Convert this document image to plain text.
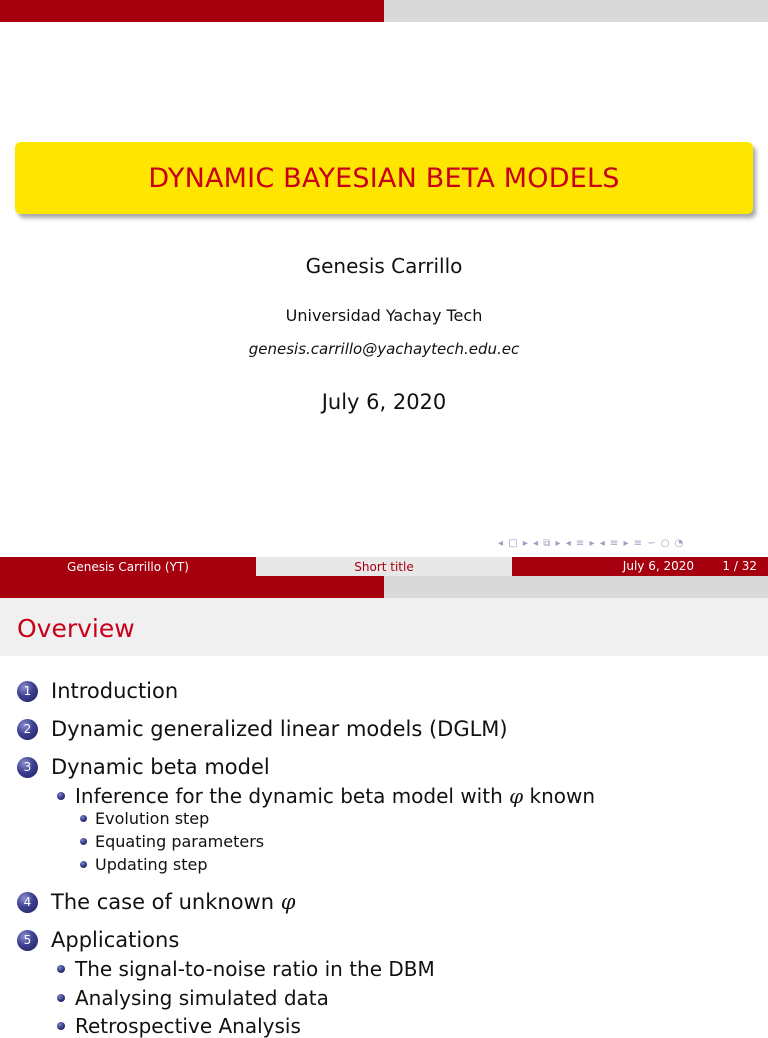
DYNAMIC BAYESIAN BETA MODELS
Genesis Carrillo
Universidad Yachay Tech
genesis.carrillo@yachaytech.edu.ec
July 6, 2020
◂ □ ▸ ◂ ⧉ ▸ ◂ ≡ ▸ ◂ ≡ ▸ ≡ ∽ ○ ◔
Genesis Carrillo (YT)	Short title	July 6, 2020 1 / 32
Overview
1 Introduction
2 Dynamic generalized linear models (DGLM)
3 Dynamic beta model
Inference for the dynamic beta model with φ known
Evolution step
Equating parameters
Updating step
4 The case of unknown φ
5 Applications
The signal-to-noise ratio in the DBM
Analysing simulated data
Retrospective Analysis
